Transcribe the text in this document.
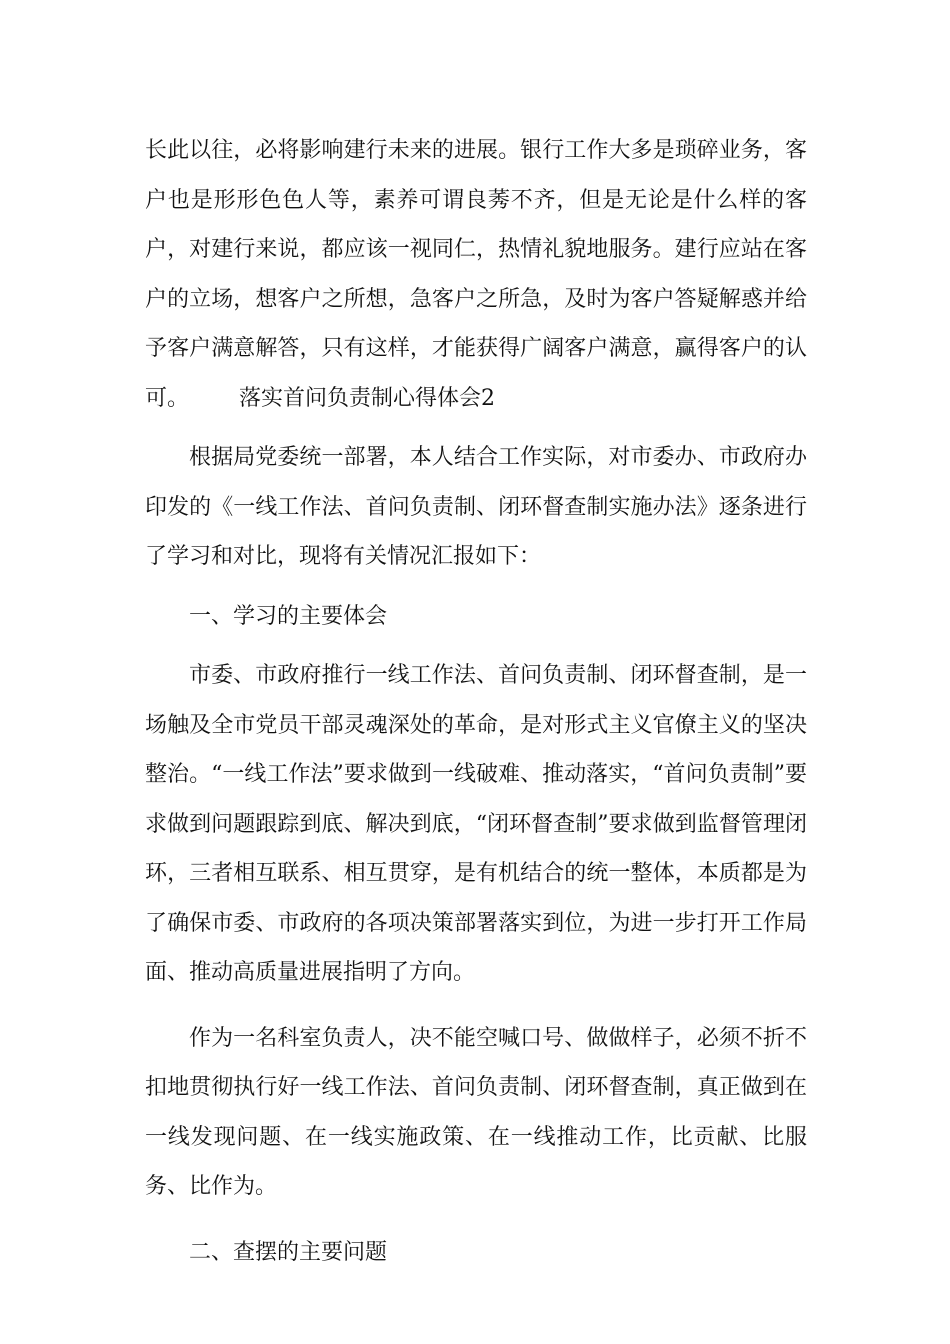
长此以往，必将影响建行未来的进展。银行工作大多是琐碎业务，客户也是形形色色人等，素养可谓良莠不齐，但是无论是什么样的客户，对建行来说，都应该一视同仁，热情礼貌地服务。建行应站在客户的立场，想客户之所想，急客户之所急，及时为客户答疑解惑并给予客户满意解答，只有这样，才能获得广阔客户满意，赢得客户的认可。 落实首问负责制心得体会2

根据局党委统一部署，本人结合工作实际，对市委办、市政府办印发的《一线工作法、首问负责制、闭环督查制实施办法》逐条进行了学习和对比，现将有关情况汇报如下：

一、学习的主要体会

市委、市政府推行一线工作法、首问负责制、闭环督查制，是一场触及全市党员干部灵魂深处的革命，是对形式主义官僚主义的坚决整治。“一线工作法”要求做到一线破难、推动落实，“首问负责制”要求做到问题跟踪到底、解决到底，“闭环督查制”要求做到监督管理闭环，三者相互联系、相互贯穿，是有机结合的统一整体，本质都是为了确保市委、市政府的各项决策部署落实到位，为进一步打开工作局面、推动高质量进展指明了方向。

作为一名科室负责人，决不能空喊口号、做做样子，必须不折不扣地贯彻执行好一线工作法、首问负责制、闭环督查制，真正做到在一线发现问题、在一线实施政策、在一线推动工作，比贡献、比服务、比作为。

二、查摆的主要问题
